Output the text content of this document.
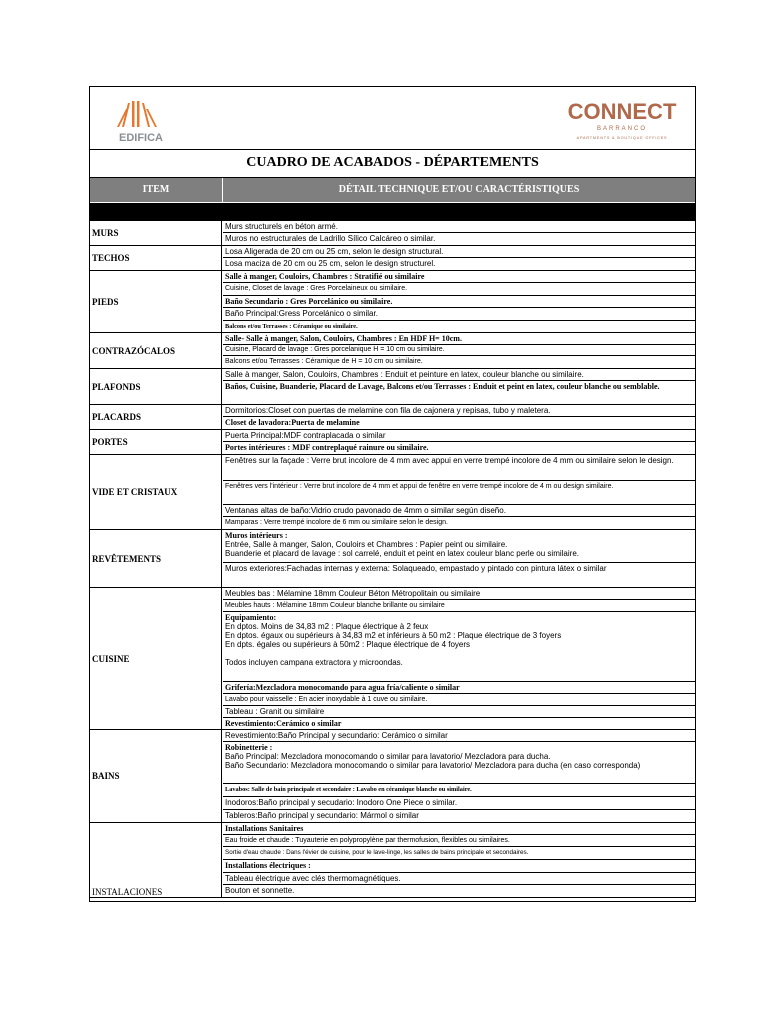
EDIFICA
CONNECT
BARRANCO
APARTMENTS & BOUTIQUE OFFICES
CUADRO DE ACABADOS - DÉPARTEMENTS
ITEM	DÉTAIL TECHNIQUE ET/OU CARACTÉRISTIQUES
MURS
Murs structurels en béton armé.
Muros no estructurales de Ladrillo Sílico Calcáreo o similar.
TECHOS
Losa Aligerada de 20 cm ou 25 cm, selon le design structural.
Losa maciza de 20 cm ou 25 cm, selon le design structurel.
PIEDS
Salle à manger, Couloirs, Chambres : Stratifié ou similaire
Cuisine, Closet de lavage : Gres Porcelaineux ou similaire.
Baño Secundario : Gres Porcelánico ou similaire.
Baño Principal:Gress Porcelánico o similar.
Balcons et/ou Terrasses : Céramique ou similaire.
CONTRAZÓCALOS
Salle- Salle à manger, Salon, Couloirs, Chambres : En HDF H= 10cm.
Cuisine, Placard de lavage : Gres porcelanique H = 10 cm ou similaire.
Balcons et/ou Terrasses : Céramique de H = 10 cm ou similaire.
PLAFONDS
Salle à manger, Salon, Couloirs, Chambres : Enduit et peinture en latex, couleur blanche ou similaire.
Baños, Cuisine, Buanderie, Placard de Lavage, Balcons et/ou Terrasses : Enduit et peint en latex, couleur blanche ou semblable.
PLACARDS
Dormitorios:Closet con puertas de melamine con fila de cajonera y repisas, tubo y maletera.
Closet de lavadora:Puerta de melamine
PORTES
Puerta Principal:MDF contraplacada o similar
Portes intérieures : MDF contreplaqué rainure ou similaire.
VIDE ET CRISTAUX
Fenêtres sur la façade : Verre brut incolore de 4 mm avec appui en verre trempé incolore de 4 mm ou similaire selon le design.
Fenêtres vers l'intérieur : Verre brut incolore de 4 mm et appui de fenêtre en verre trempé incolore de 4 m ou design similaire.
Ventanas altas de baño:Vidrio crudo pavonado de 4mm o similar según diseño.
Mamparas : Verre trempé incolore de 6 mm ou similaire selon le design.
REVÊTEMENTS
Muros intérieurs :
Entrée, Salle à manger, Salon, Couloirs et Chambres : Papier peint ou similaire.
Buanderie et placard de lavage : sol carrelé, enduit et peint en latex couleur blanc perle ou similaire.
Muros exteriores:Fachadas internas y externa: Solaqueado, empastado y pintado con pintura látex o similar
CUISINE
Meubles bas : Mélamine 18mm Couleur Béton Métropolitain ou similaire
Meubles hauts : Mélamine 18mm Couleur blanche brillante ou similaire
Equipamiento:
En dptos. Moins de 34,83 m2 : Plaque électrique à 2 feux
En dptos. égaux ou supérieurs à 34,83 m2 et inférieurs à 50 m2 : Plaque électrique de 3 foyers
En dpts. égales ou supérieurs à 50m2 : Plaque électrique de 4 foyers

Todos incluyen campana extractora y microondas.
Grifería:Mezcladora monocomando para agua fría/caliente o similar
Lavabo pour vaisselle : En acier inoxydable à 1 cuve ou similaire.
Tableau : Granit ou similaire
Revestimiento:Cerámico o similar
BAINS
Revestimiento:Baño Principal y secundario: Cerámico o similar
Robinetterie :
Baño Principal: Mezcladora monocomando o similar para lavatorio/ Mezcladora para ducha.
Baño Secundario: Mezcladora monocomando o similar para lavatorio/ Mezcladora para ducha (en caso corresponda)
Lavabos: Salle de bain principale et secondaire : Lavabo en céramique blanche ou similaire.
Inodoros:Baño principal y secudario: Inodoro One Piece o similar.
Tableros:Baño principal y secundario: Mármol o similar
INSTALACIONES
Installations Sanitaires
Eau froide et chaude : Tuyauterie en polypropylène par thermofusion, flexibles ou similaires.
Sortie d'eau chaude : Dans l'évier de cuisine, pour le lave-linge, les salles de bains principale et secondaires.
Installations électriques :
Tableau électrique avec clés thermomagnétiques.
Bouton et sonnette.
